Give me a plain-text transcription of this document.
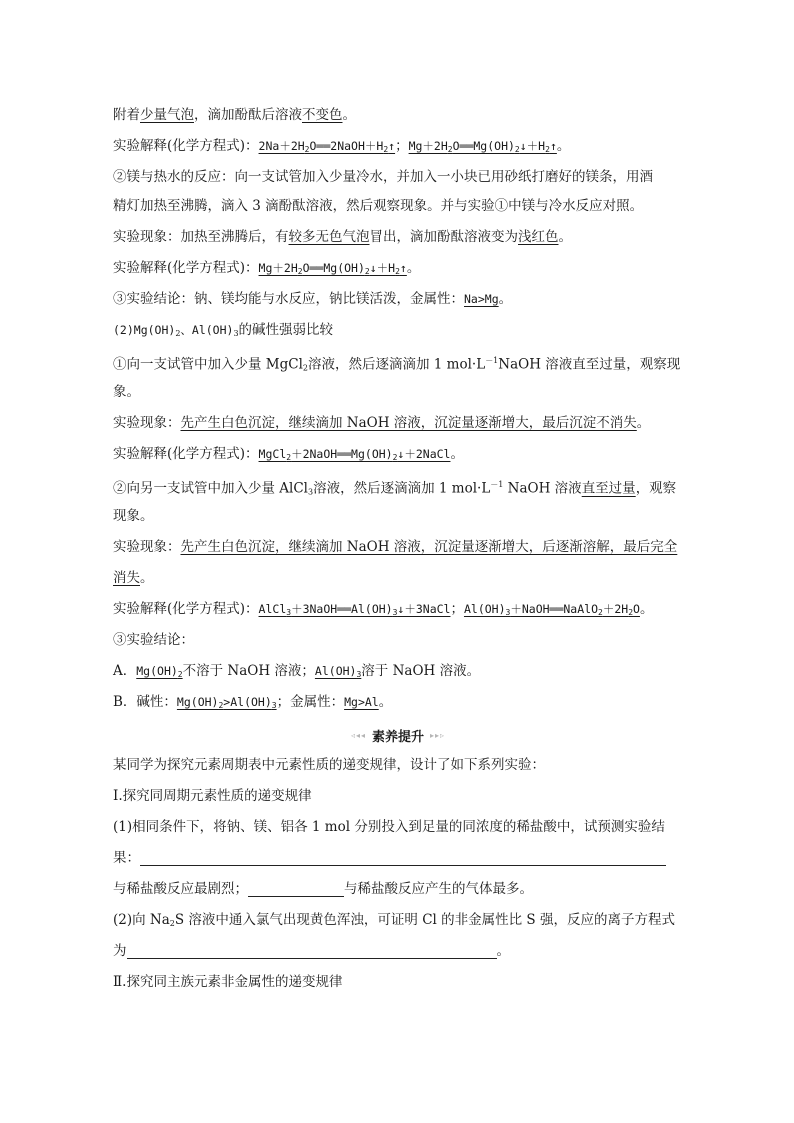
附着少量气泡，滴加酚酞后溶液不变色。
实验解释(化学方程式)：$2Na+2H_2O══2NaOH+H_2↑$；$Mg+2H_2O══Mg(OH)_2↓+H_2↑$。
②镁与热水的反应：向一支试管加入少量冷水，并加入一小块已用砂纸打磨好的镁条，用酒
精灯加热至沸腾，滴入 3 滴酚酞溶液，然后观察现象。并与实验①中镁与冷水反应对照。
实验现象：加热至沸腾后，有较多无色气泡冒出，滴加酚酞溶液变为浅红色。
实验解释(化学方程式)：$Mg+2H_2O══Mg(OH)_2↓+H_2↑$。
③实验结论：钠、镁均能与水反应，钠比镁活泼，金属性：Na>Mg。
$(2)Mg(OH)_2$、$Al(OH)_3$的碱性强弱比较
①向一支试管中加入少量 MgCl$_2$溶液，然后逐滴滴加 1 $mol\cdot L^{-1}NaOH$ 溶液直至过量，观察现
象。
实验现象：先产生白色沉淀，继续滴加 NaOH 溶液，沉淀量逐渐增大，最后沉淀不消失。
实验解释(化学方程式)：$MgCl_2+2NaOH══Mg(OH)_2↓+2NaCl$。
②向另一支试管中加入少量 AlCl$_3$溶液，然后逐滴滴加 1 $mol\cdot L^{-1}$ NaOH 溶液直至过量，观察
现象。
实验现象：先产生白色沉淀，继续滴加 NaOH 溶液，沉淀量逐渐增大，后逐渐溶解，最后完全
消失。
实验解释(化学方程式)：$AlCl_3+3NaOH══Al(OH)_3↓+3NaCl$；$Al(OH)_3+NaOH══NaAlO_2+2H_2O$。
③实验结论：
A．$Mg(OH)_2$不溶于 NaOH 溶液；$Al(OH)_3$溶于 NaOH 溶液。
B．碱性：$Mg(OH)_2>Al(OH)_3$；金属性：Mg>Al。
◃◂◂ 素养提升 ▸▸▹
某同学为探究元素周期表中元素性质的递变规律，设计了如下系列实验：
Ⅰ.探究同周期元素性质的递变规律
(1)相同条件下，将钠、镁、铝各 1 mol 分别投入到足量的同浓度的稀盐酸中，试预测实验结
果：
与稀盐酸反应最剧烈；	与稀盐酸反应产生的气体最多。
(2)向 $Na_2S$ 溶液中通入氯气出现黄色浑浊，可证明 Cl 的非金属性比 S 强，反应的离子方程式
为	。
Ⅱ.探究同主族元素非金属性的递变规律
